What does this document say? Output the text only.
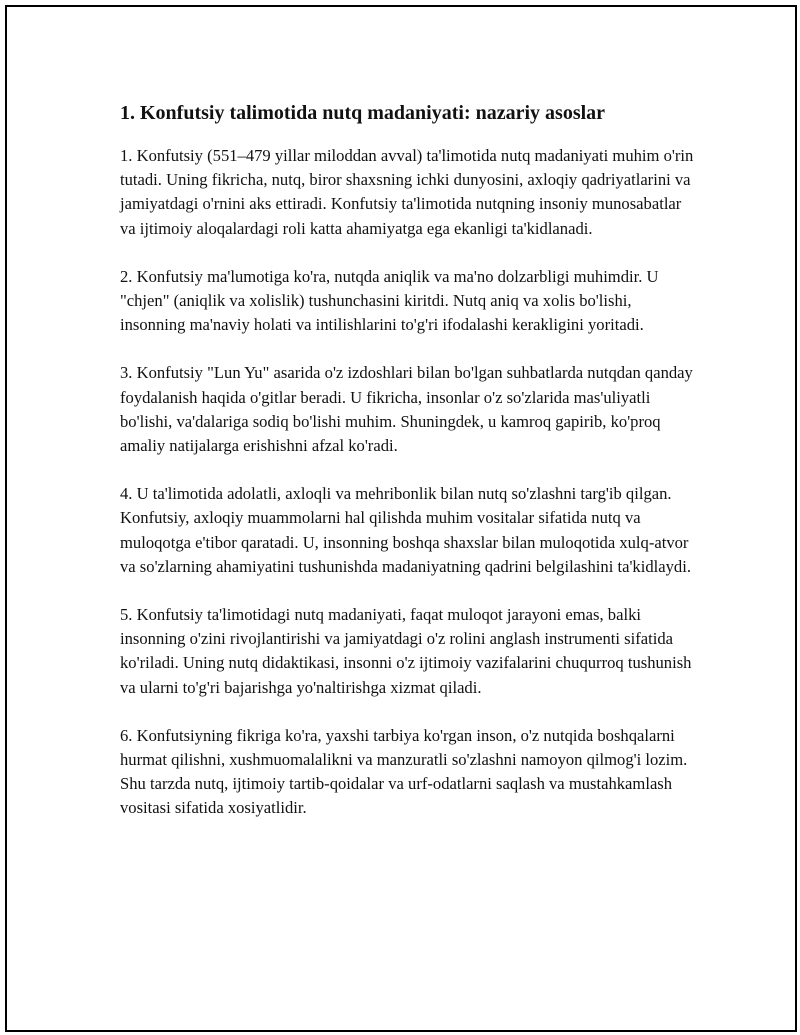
1. Konfutsiy talimotida nutq madaniyati: nazariy asoslar

1. Konfutsiy (551–479 yillar miloddan avval) ta'limotida nutq madaniyati muhim o'rin tutadi. Uning fikricha, nutq, biror shaxsning ichki dunyosini, axloqiy qadriyatlarini va jamiyatdagi o'rnini aks ettiradi. Konfutsiy ta'limotida nutqning insoniy munosabatlar va ijtimoiy aloqalardagi roli katta ahamiyatga ega ekanligi ta'kidlanadi.

2. Konfutsiy ma'lumotiga ko'ra, nutqda aniqlik va ma'no dolzarbligi muhimdir. U "chjen" (aniqlik va xolislik) tushunchasini kiritdi. Nutq aniq va xolis bo'lishi, insonning ma'naviy holati va intilishlarini to'g'ri ifodalashi kerakligini yoritadi.

3. Konfutsiy "Lun Yu" asarida o'z izdoshlari bilan bo'lgan suhbatlarda nutqdan qanday foydalanish haqida o'gitlar beradi. U fikricha, insonlar o'z so'zlarida mas'uliyatli bo'lishi, va'dalariga sodiq bo'lishi muhim. Shuningdek, u kamroq gapirib, ko'proq amaliy natijalarga erishishni afzal ko'radi.

4. U ta'limotida adolatli, axloqli va mehribonlik bilan nutq so'zlashni targ'ib qilgan. Konfutsiy, axloqiy muammolarni hal qilishda muhim vositalar sifatida nutq va muloqotga e'tibor qaratadi. U, insonning boshqa shaxslar bilan muloqotida xulq-atvor va so'zlarning ahamiyatini tushunishda madaniyatning qadrini belgilashini ta'kidlaydi.

5. Konfutsiy ta'limotidagi nutq madaniyati, faqat muloqot jarayoni emas, balki insonning o'zini rivojlantirishi va jamiyatdagi o'z rolini anglash instrumenti sifatida ko'riladi. Uning nutq didaktikasi, insonni o'z ijtimoiy vazifalarini chuqurroq tushunish va ularni to'g'ri bajarishga yo'naltirishga xizmat qiladi.

6. Konfutsiyning fikriga ko'ra, yaxshi tarbiya ko'rgan inson, o'z nutqida boshqalarni hurmat qilishni, xushmuomalalikni va manzuratli so'zlashni namoyon qilmog'i lozim. Shu tarzda nutq, ijtimoiy tartib-qoidalar va urf-odatlarni saqlash va mustahkamlash vositasi sifatida xosiyatlidir.
